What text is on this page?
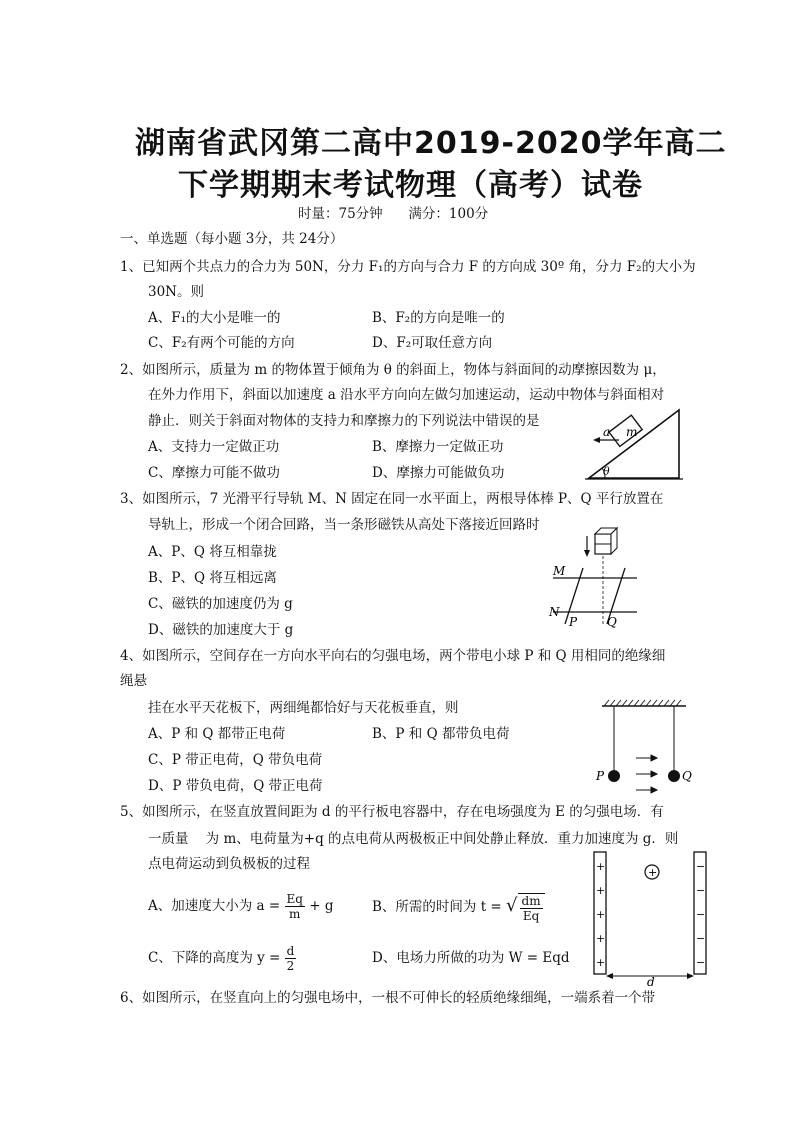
湖南省武冈第二高中2019-2020学年高二
下学期期末考试物理（高考）试卷
时量：75分钟      满分：100分
一、单选题（每小题 3分，共 24分）
1、已知两个共点力的合力为 50N，分力 F₁的方向与合力 F 的方向成 30º 角，分力 F₂的大小为
30N。则
A、F₁的大小是唯一的	B、F₂的方向是唯一的
C、F₂有两个可能的方向	D、F₂可取任意方向
2、如图所示，质量为 m 的物体置于倾角为 θ 的斜面上，物体与斜面间的动摩擦因数为 μ，
在外力作用下，斜面以加速度 a 沿水平方向向左做匀加速运动，运动中物体与斜面相对
静止．则关于斜面对物体的支持力和摩擦力的下列说法中错误的是
A、支持力一定做正功	B、摩擦力一定做正功
C、摩擦力可能不做功	D、摩擦力可能做负功
m
a
θ
3、如图所示，7 光滑平行导轨 M、N 固定在同一水平面上，两根导体棒 P、Q 平行放置在
导轨上，形成一个闭合回路，当一条形磁铁从高处下落接近回路时
A、P、Q 将互相靠拢
B、P、Q 将互相远离
C、磁铁的加速度仍为 g
D、磁铁的加速度大于 g
M
N
P Q
4、如图所示，空间存在一方向水平向右的匀强电场，两个带电小球 P 和 Q 用相同的绝缘细
绳悬
挂在水平天花板下，两细绳都恰好与天花板垂直，则
A、P 和 Q 都带正电荷	B、P 和 Q 都带负电荷
C、P 带正电荷，Q 带负电荷
D、P 带负电荷，Q 带正电荷
P	Q
5、如图所示，在竖直放置间距为 d 的平行板电容器中，存在电场强度为 E 的匀强电场．有
一质量    为 m、电荷量为+q 的点电荷从两极板正中间处静止释放．重力加速度为 g．则
点电荷运动到负极板的过程
A、加速度大小为 $a = \frac{Eq}{m} + g$	B、所需的时间为 t = √ $\frac{dm}{Eq}$
C、下降的高度为 $y = \frac{d}{2}$	D、电场力所做的功为 W = Eqd
+
+
+
+
+
−
−
−
−
−
+
d
6、如图所示，在竖直向上的匀强电场中，一根不可伸长的轻质绝缘细绳，一端系着一个带
